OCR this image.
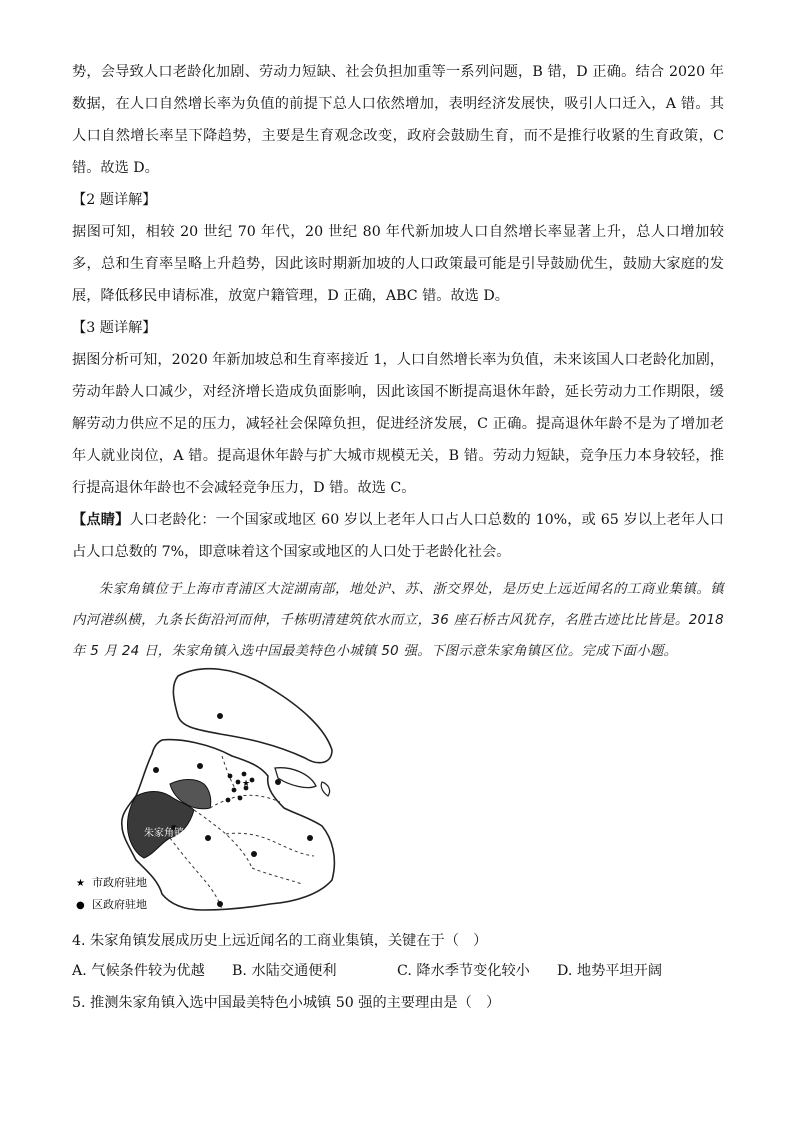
势，会导致人口老龄化加剧、劳动力短缺、社会负担加重等一系列问题，B 错，D 正确。结合 2020 年数据，在人口自然增长率为负值的前提下总人口依然增加，表明经济发展快，吸引人口迁入，A 错。其人口自然增长率呈下降趋势，主要是生育观念改变，政府会鼓励生育，而不是推行收紧的生育政策，C 错。故选 D。

【2 题详解】

据图可知，相较 20 世纪 70 年代，20 世纪 80 年代新加坡人口自然增长率显著上升，总人口增加较多，总和生育率呈略上升趋势，因此该时期新加坡的人口政策最可能是引导鼓励优生，鼓励大家庭的发展，降低移民申请标准，放宽户籍管理，D 正确，ABC 错。故选 D。

【3 题详解】

据图分析可知，2020 年新加坡总和生育率接近 1，人口自然增长率为负值，未来该国人口老龄化加剧，劳动年龄人口减少，对经济增长造成负面影响，因此该国不断提高退休年龄，延长劳动力工作期限，缓解劳动力供应不足的压力，减轻社会保障负担，促进经济发展，C 正确。提高退休年龄不是为了增加老年人就业岗位，A 错。提高退休年龄与扩大城市规模无关，B 错。劳动力短缺，竞争压力本身较轻，推行提高退休年龄也不会减轻竞争压力，D 错。故选 C。

【点睛】人口老龄化：一个国家或地区 60 岁以上老年人口占人口总数的 10%，或 65 岁以上老年人口占人口总数的 7%，即意味着这个国家或地区的人口处于老龄化社会。

朱家角镇位于上海市青浦区大淀湖南部，地处沪、苏、浙交界处，是历史上远近闻名的工商业集镇。镇内河港纵横，九条长街沿河而伸，千栋明清建筑依水而立，36 座石桥古风犹存，名胜古迹比比皆是。2018 年 5 月 24 日，朱家角镇入选中国最美特色小城镇 50 强。下图示意朱家角镇区位。完成下面小题。

★
朱家角镇
★ 市政府驻地
● 区政府驻地

4. 朱家角镇发展成历史上远近闻名的工商业集镇，关键在于（　）

A. 气候条件较为优越 B. 水陆交通便利	C. 降水季节变化较小 D. 地势平坦开阔

5. 推测朱家角镇入选中国最美特色小城镇 50 强的主要理由是（　）
